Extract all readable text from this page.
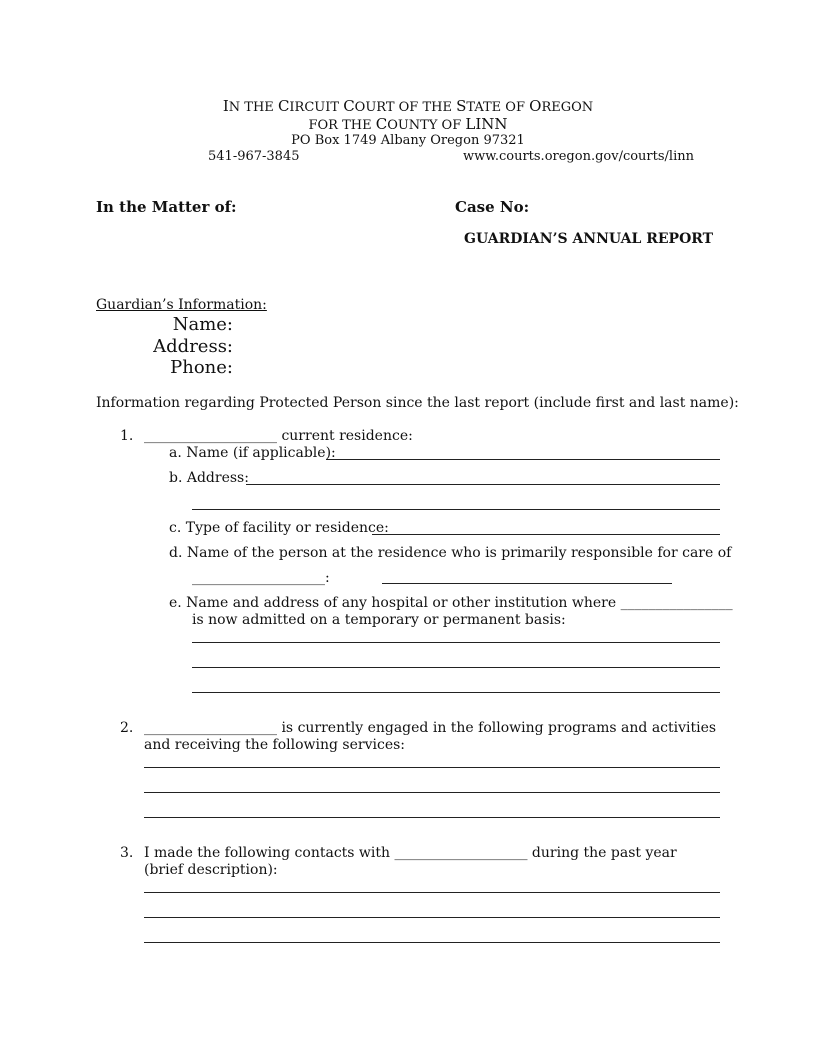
IN THE CIRCUIT COURT OF THE STATE OF OREGON
FOR THE COUNTY OF LINN
PO Box 1749 Albany Oregon 97321
541-967-3845	www.courts.oregon.gov/courts/linn
In the Matter of:	Case No:
GUARDIAN’S ANNUAL REPORT
Guardian’s Information:
Name:
Address:
Phone:
Information regarding Protected Person since the last report (include first and last name):
1. ___________________ current residence:
a. Name (if applicable):
b. Address:
c. Type of facility or residence:
d. Name of the person at the residence who is primarily responsible for care of
___________________:
e. Name and address of any hospital or other institution where ________________
is now admitted on a temporary or permanent basis:
2. ___________________ is currently engaged in the following programs and activities
and receiving the following services:
3. I made the following contacts with ___________________ during the past year
(brief description):
